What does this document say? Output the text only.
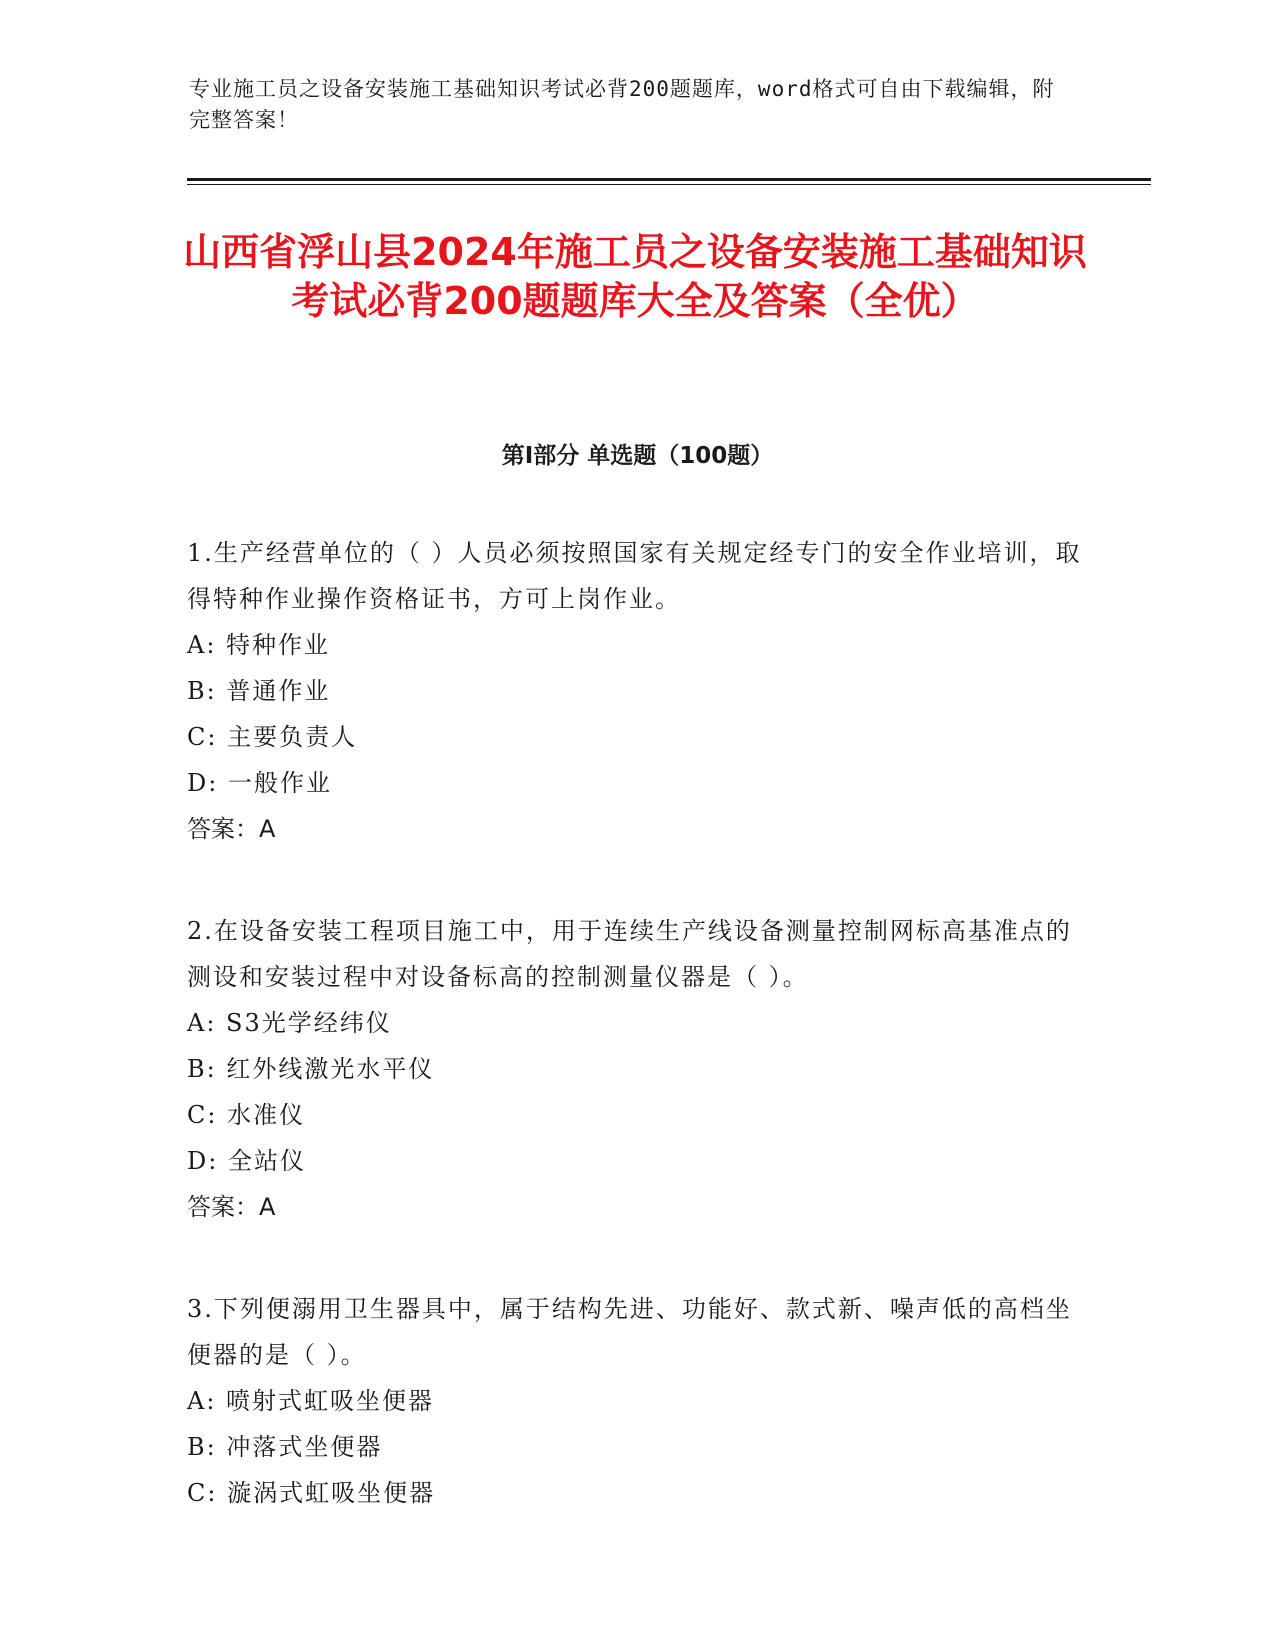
专业施工员之设备安装施工基础知识考试必背200题题库，word格式可自由下载编辑，附完整答案！
山西省浮山县2024年施工员之设备安装施工基础知识考试必背200题题库大全及答案（全优）
第Ⅰ部分 单选题（100题）
1.生产经营单位的（ ）人员必须按照国家有关规定经专门的安全作业培训，取得特种作业操作资格证书，方可上岗作业。
A: 特种作业
B: 普通作业
C: 主要负责人
D: 一般作业
答案：A
2.在设备安装工程项目施工中，用于连续生产线设备测量控制网标高基准点的测设和安装过程中对设备标高的控制测量仪器是（ ）。
A: S3光学经纬仪
B: 红外线激光水平仪
C: 水准仪
D: 全站仪
答案：A
3.下列便溺用卫生器具中，属于结构先进、功能好、款式新、噪声低的高档坐便器的是（ ）。
A: 喷射式虹吸坐便器
B: 冲落式坐便器
C: 漩涡式虹吸坐便器
